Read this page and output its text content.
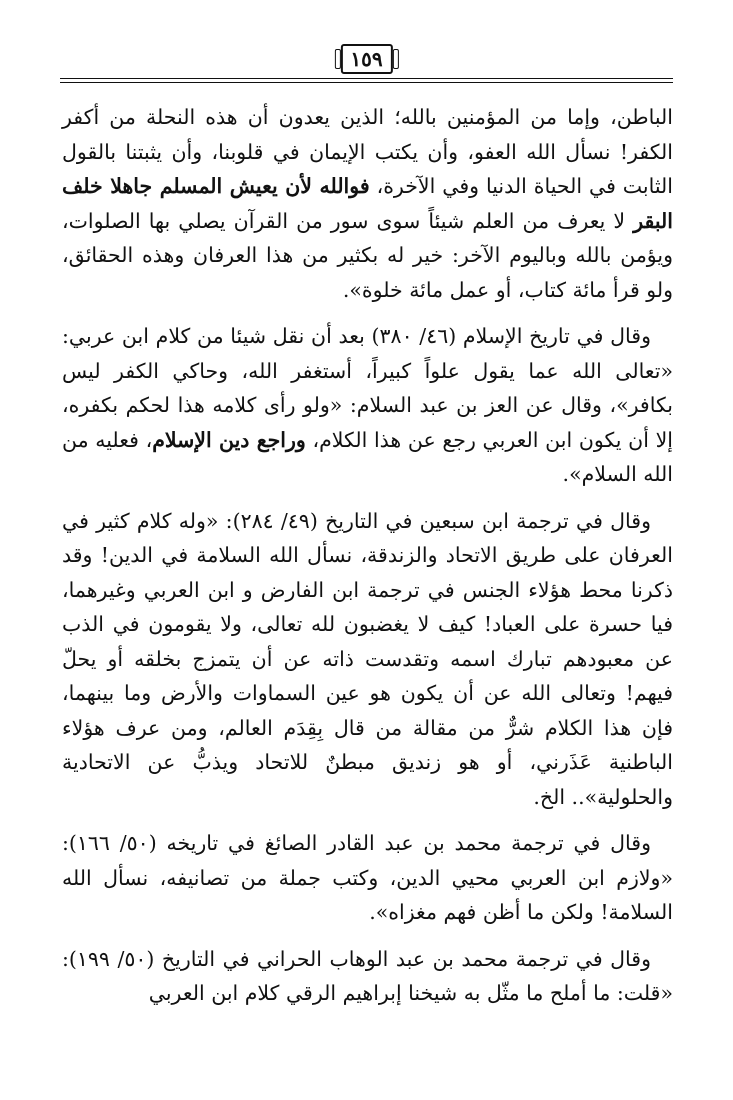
١٥٩

الباطن، وإما من المؤمنين بالله؛ الذين يعدون أن هذه النحلة من أكفر الكفر! نسأل الله العفو، وأن يكتب الإيمان في قلوبنا، وأن يثبتنا بالقول الثابت في الحياة الدنيا وفي الآخرة، فوالله لأن يعيش المسلم جاهلا خلف البقر لا يعرف من العلم شيئاً سوى سور من القرآن يصلي بها الصلوات، ويؤمن بالله وباليوم الآخر: خير له بكثير من هذا العرفان وهذه الحقائق، ولو قرأ مائة كتاب، أو عمل مائة خلوة».

وقال في تاريخ الإسلام (٤٦/ ٣٨٠) بعد أن نقل شيئا من كلام ابن عربي: «تعالى الله عما يقول علواً كبيراً، أستغفر الله، وحاكي الكفر ليس بكافر»، وقال عن العز بن عبد السلام: «ولو رأى كلامه هذا لحكم بكفره، إلا أن يكون ابن العربي رجع عن هذا الكلام، وراجع دين الإسلام، فعليه من الله السلام».

وقال في ترجمة ابن سبعين في التاريخ (٤٩/ ٢٨٤): «وله كلام كثير في العرفان على طريق الاتحاد والزندقة، نسأل الله السلامة في الدين! وقد ذكرنا محط هؤلاء الجنس في ترجمة ابن الفارض و ابن العربي وغيرهما، فيا حسرة على العباد! كيف لا يغضبون لله تعالى، ولا يقومون في الذب عن معبودهم تبارك اسمه وتقدست ذاته عن أن يتمزج بخلقه أو يحلّ فيهم! وتعالى الله عن أن يكون هو عين السماوات والأرض وما بينهما، فإن هذا الكلام شرٌّ من مقالة من قال بِقِدَم العالم، ومن عرف هؤلاء الباطنية عَذَرني، أو هو زنديق مبطنٌ للاتحاد ويذبُّ عن الاتحادية والحلولية».. الخ.

وقال في ترجمة محمد بن عبد القادر الصائغ في تاريخه (٥٠/ ١٦٦): «ولازم ابن العربي محيي الدين، وكتب جملة من تصانيفه، نسأل الله السلامة! ولكن ما أظن فهم مغزاه».

وقال في ترجمة محمد بن عبد الوهاب الحراني في التاريخ (٥٠/ ١٩٩): «قلت: ما أملح ما مثّل به شيخنا إبراهيم الرقي كلام ابن العربي
